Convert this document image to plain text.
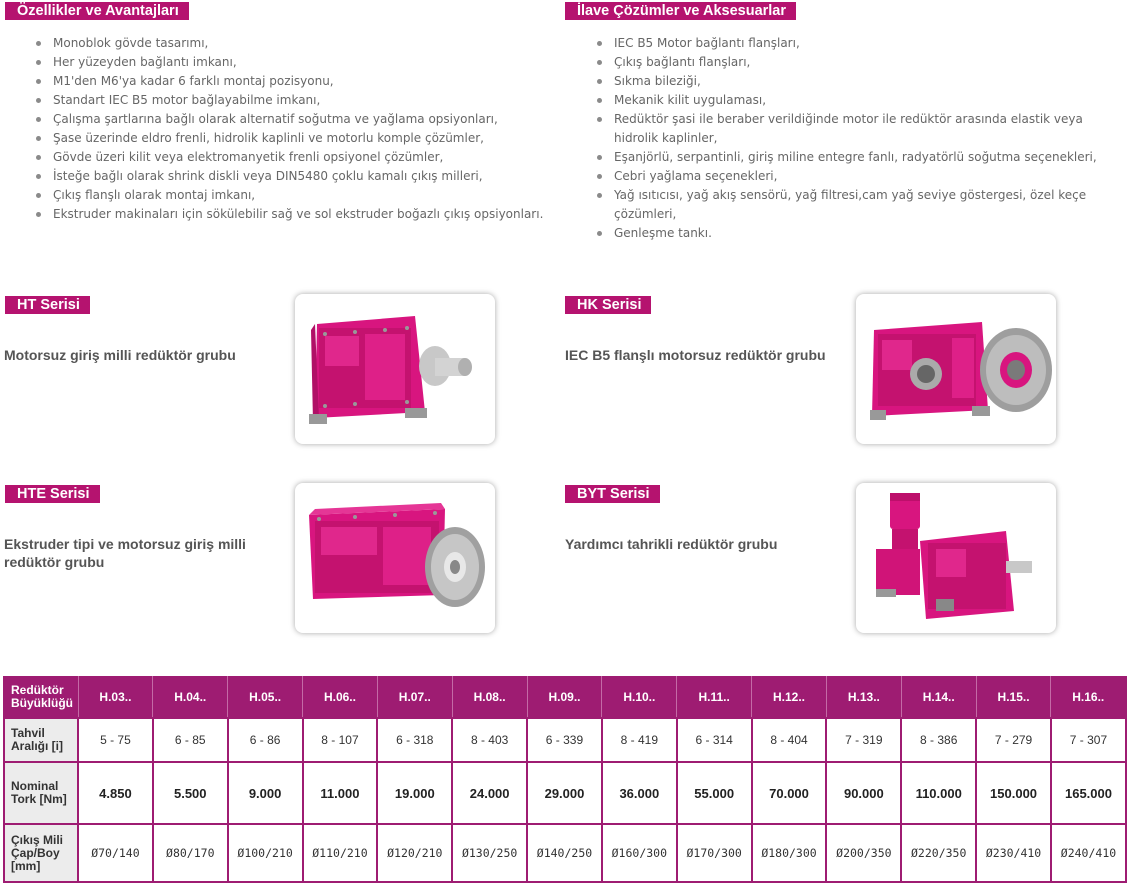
Özellikler ve Avantajları	İlave Çözümler ve Aksesuarlar
Monoblok gövde tasarımı,
Her yüzeyden bağlantı imkanı,
M1'den M6'ya kadar 6 farklı montaj pozisyonu,
Standart IEC B5 motor bağlayabilme imkanı,
Çalışma şartlarına bağlı olarak alternatif soğutma ve yağlama opsiyonları,
Şase üzerinde eldro frenli, hidrolik kaplinli ve motorlu komple çözümler,
Gövde üzeri kilit veya elektromanyetik frenli opsiyonel çözümler,
İsteğe bağlı olarak shrink diskli veya DIN5480 çoklu kamalı çıkış milleri,
Çıkış flanşlı olarak montaj imkanı,
Ekstruder makinaları için sökülebilir sağ ve sol ekstruder boğazlı çıkış opsiyonları.
IEC B5 Motor bağlantı flanşları,
Çıkış bağlantı flanşları,
Sıkma bileziği,
Mekanik kilit uygulaması,
Redüktör şasi ile beraber verildiğinde motor ile redüktör arasında elastik veya hidrolik kaplinler,
Eşanjörlü, serpantinli, giriş miline entegre fanlı, radyatörlü soğutma seçenekleri,
Cebri yağlama seçenekleri,
Yağ ısıtıcısı, yağ akış sensörü, yağ filtresi,cam yağ seviye göstergesi, özel keçe çözümleri,
Genleşme tankı.
HT Serisi
Motorsuz giriş milli redüktör grubu
HK Serisi
IEC B5 flanşlı motorsuz redüktör grubu
HTE Serisi
Ekstruder tipi ve motorsuz giriş milli redüktör grubu
BYT Serisi
Yardımcı tahrikli redüktör grubu
Redüktör Büyüklüğü	H.03..	H.04..	H.05..	H.06..	H.07..	H.08..	H.09..	H.10..	H.11..	H.12..	H.13..	H.14..	H.15..	H.16..
Tahvil Aralığı [i]	5 - 75	6 - 85	6 - 86	8 - 107	6 - 318	8 - 403	6 - 339	8 - 419	6 - 314	8 - 404	7 - 319	8 - 386	7 - 279	7 - 307
Nominal Tork [Nm]	4.850	5.500	9.000	11.000	19.000	24.000	29.000	36.000	55.000	70.000	90.000	110.000	150.000	165.000
Çıkış Mili Çap/Boy [mm]	Ø70/140	Ø80/170	Ø100/210	Ø110/210	Ø120/210	Ø130/250	Ø140/250	Ø160/300	Ø170/300	Ø180/300	Ø200/350	Ø220/350	Ø230/410	Ø240/410
